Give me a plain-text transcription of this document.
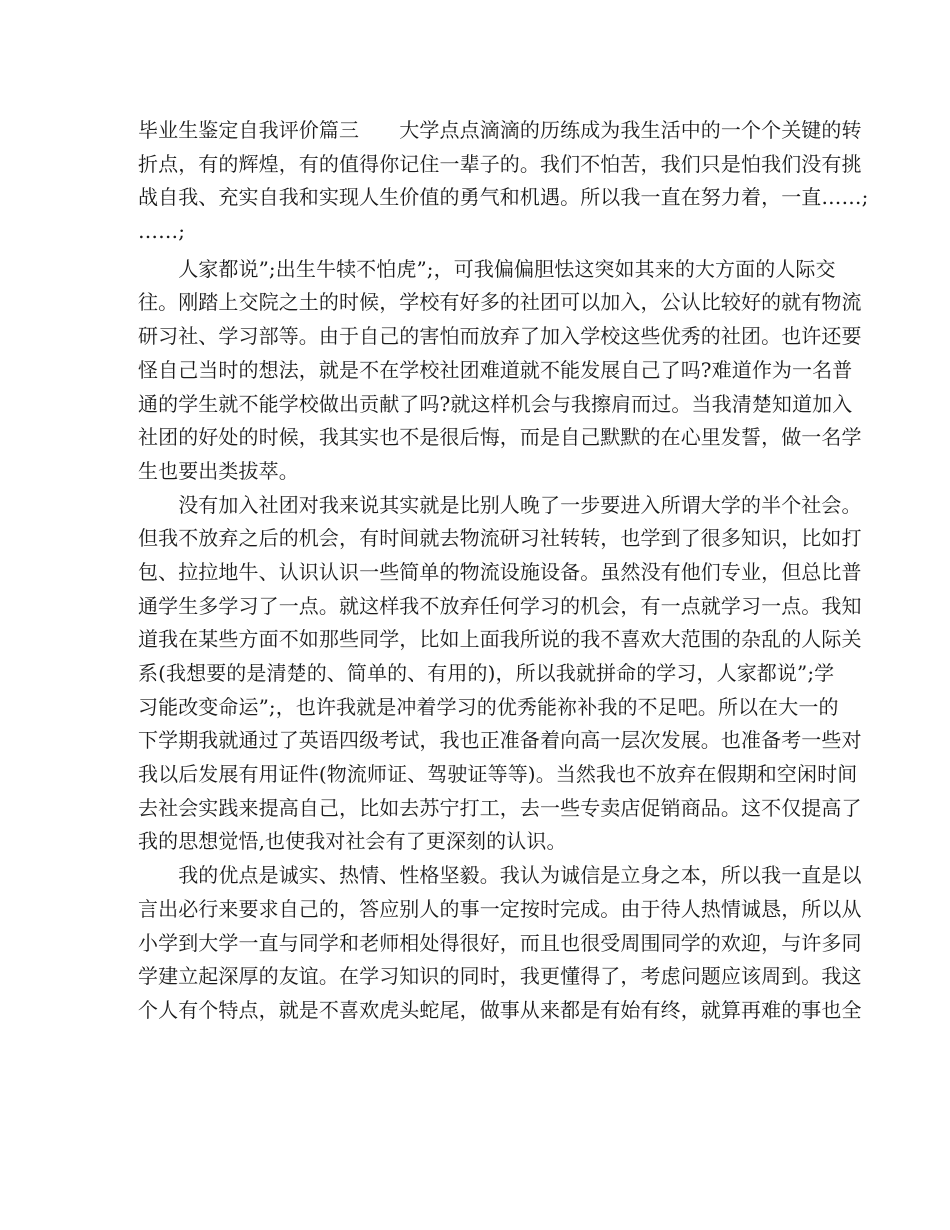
毕业生鉴定自我评价篇三　　大学点点滴滴的历练成为我生活中的一个个关键的转
折点，有的辉煌，有的值得你记住一辈子的。我们不怕苦，我们只是怕我们没有挑
战自我、充实自我和实现人生价值的勇气和机遇。所以我一直在努力着，一直……;
……;
　　人家都说”;出生牛犊不怕虎”;，可我偏偏胆怯这突如其来的大方面的人际交
往。刚踏上交院之土的时候，学校有好多的社团可以加入，公认比较好的就有物流
研习社、学习部等。由于自己的害怕而放弃了加入学校这些优秀的社团。也许还要
怪自己当时的想法，就是不在学校社团难道就不能发展自己了吗?难道作为一名普
通的学生就不能学校做出贡献了吗?就这样机会与我擦肩而过。当我清楚知道加入
社团的好处的时候，我其实也不是很后悔，而是自己默默的在心里发誓，做一名学
生也要出类拔萃。
　　没有加入社团对我来说其实就是比别人晚了一步要进入所谓大学的半个社会。
但我不放弃之后的机会，有时间就去物流研习社转转，也学到了很多知识，比如打
包、拉拉地牛、认识认识一些简单的物流设施设备。虽然没有他们专业，但总比普
通学生多学习了一点。就这样我不放弃任何学习的机会，有一点就学习一点。我知
道我在某些方面不如那些同学，比如上面我所说的我不喜欢大范围的杂乱的人际关
系(我想要的是清楚的、简单的、有用的)，所以我就拼命的学习，人家都说”;学
习能改变命运”;，也许我就是冲着学习的优秀能祢补我的不足吧。所以在大一的
下学期我就通过了英语四级考试，我也正准备着向高一层次发展。也准备考一些对
我以后发展有用证件(物流师证、驾驶证等等)。当然我也不放弃在假期和空闲时间
去社会实践来提高自己，比如去苏宁打工，去一些专卖店促销商品。这不仅提高了
我的思想觉悟,也使我对社会有了更深刻的认识。
　　我的优点是诚实、热情、性格坚毅。我认为诚信是立身之本，所以我一直是以
言出必行来要求自己的，答应别人的事一定按时完成。由于待人热情诚恳，所以从
小学到大学一直与同学和老师相处得很好，而且也很受周围同学的欢迎，与许多同
学建立起深厚的友谊。在学习知识的同时，我更懂得了，考虑问题应该周到。我这
个人有个特点，就是不喜欢虎头蛇尾，做事从来都是有始有终，就算再难的事也全
